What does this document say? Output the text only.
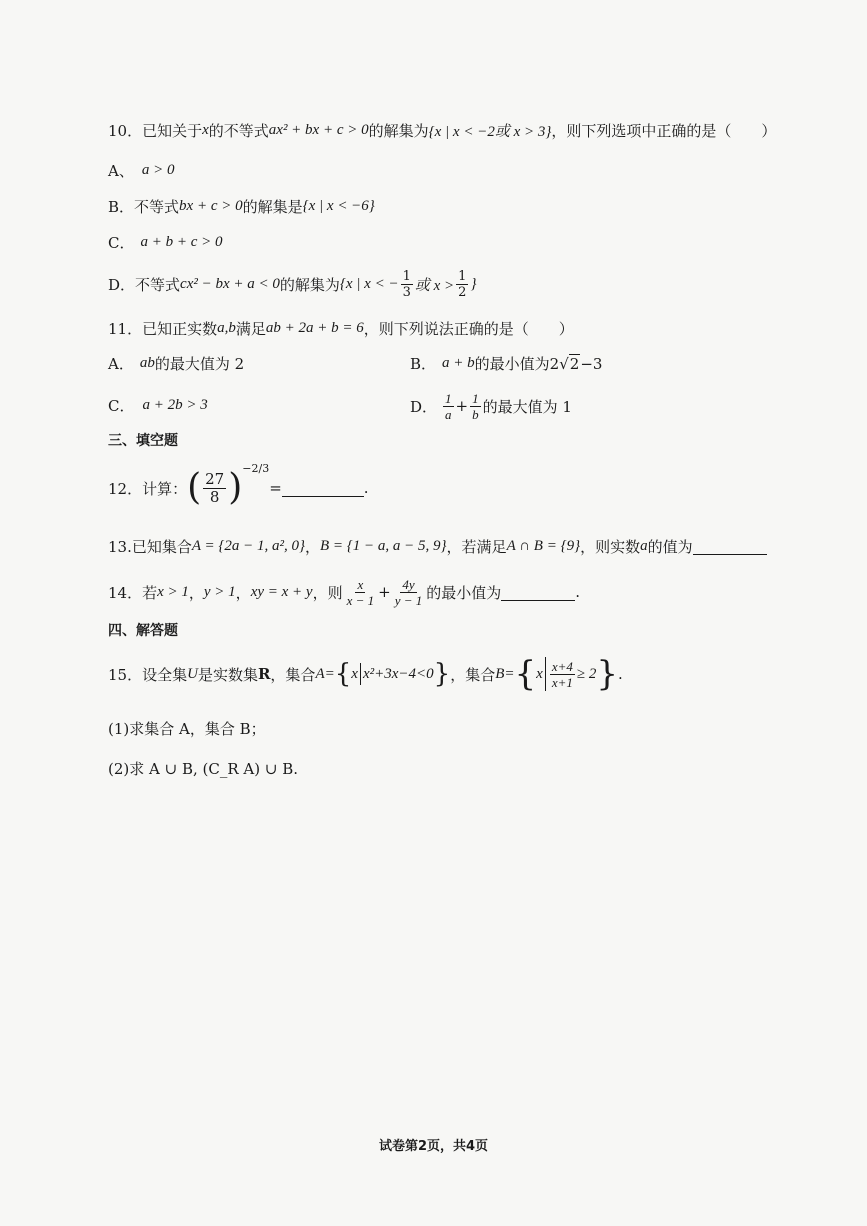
10．已知关于 x 的不等式 ax² + bx + c > 0 的解集为 {x | x < −2或 x > 3} ，则下列选项中正确的是（　　）
A、 a > 0
B． 不等式 bx + c > 0 的解集是 {x | x < −6}
C． a + b + c > 0
D． 不等式 cx² − bx + a < 0 的解集为 {x | x < − $\frac{1}{3}$ 或 $x > \frac{1}{2}$ }
11．已知正实数 a,b 满足 ab + 2a + b = 6 ，则下列说法正确的是（　　）
A． ab 的最大值为 2	B． a + b 的最小值为 2 √ 2 −3
C． a + 2b > 3	D． $\frac{1}{a} + \frac{1}{b}$ 的最大值为 1
三、填空题
12．计算： ( $\frac{27}{8}$ ) −2/3
=	.
13.已知集合 A = {2a − 1, a², 0} ， B = {1 − a, a − 5, 9} ，若满足 A ∩ B = {9} ，则实数 a 的值为
14．若 x > 1 ， y > 1 ， xy = x + y ，则 $\frac{x}{x - 1} + \frac{4y}{y - 1}$ 的最小值为	.
四、解答题
15．设全集 U 是实数集 R ，集合 A= { x x²+3x−4<0 } ，集合 B= { x $\frac{x+4}{x+1} \ge 2$ } .
(1)求集合 A，集合 B；
(2)求 A ∪ B, (C_R A) ∪ B.
试卷第2页，共4页
